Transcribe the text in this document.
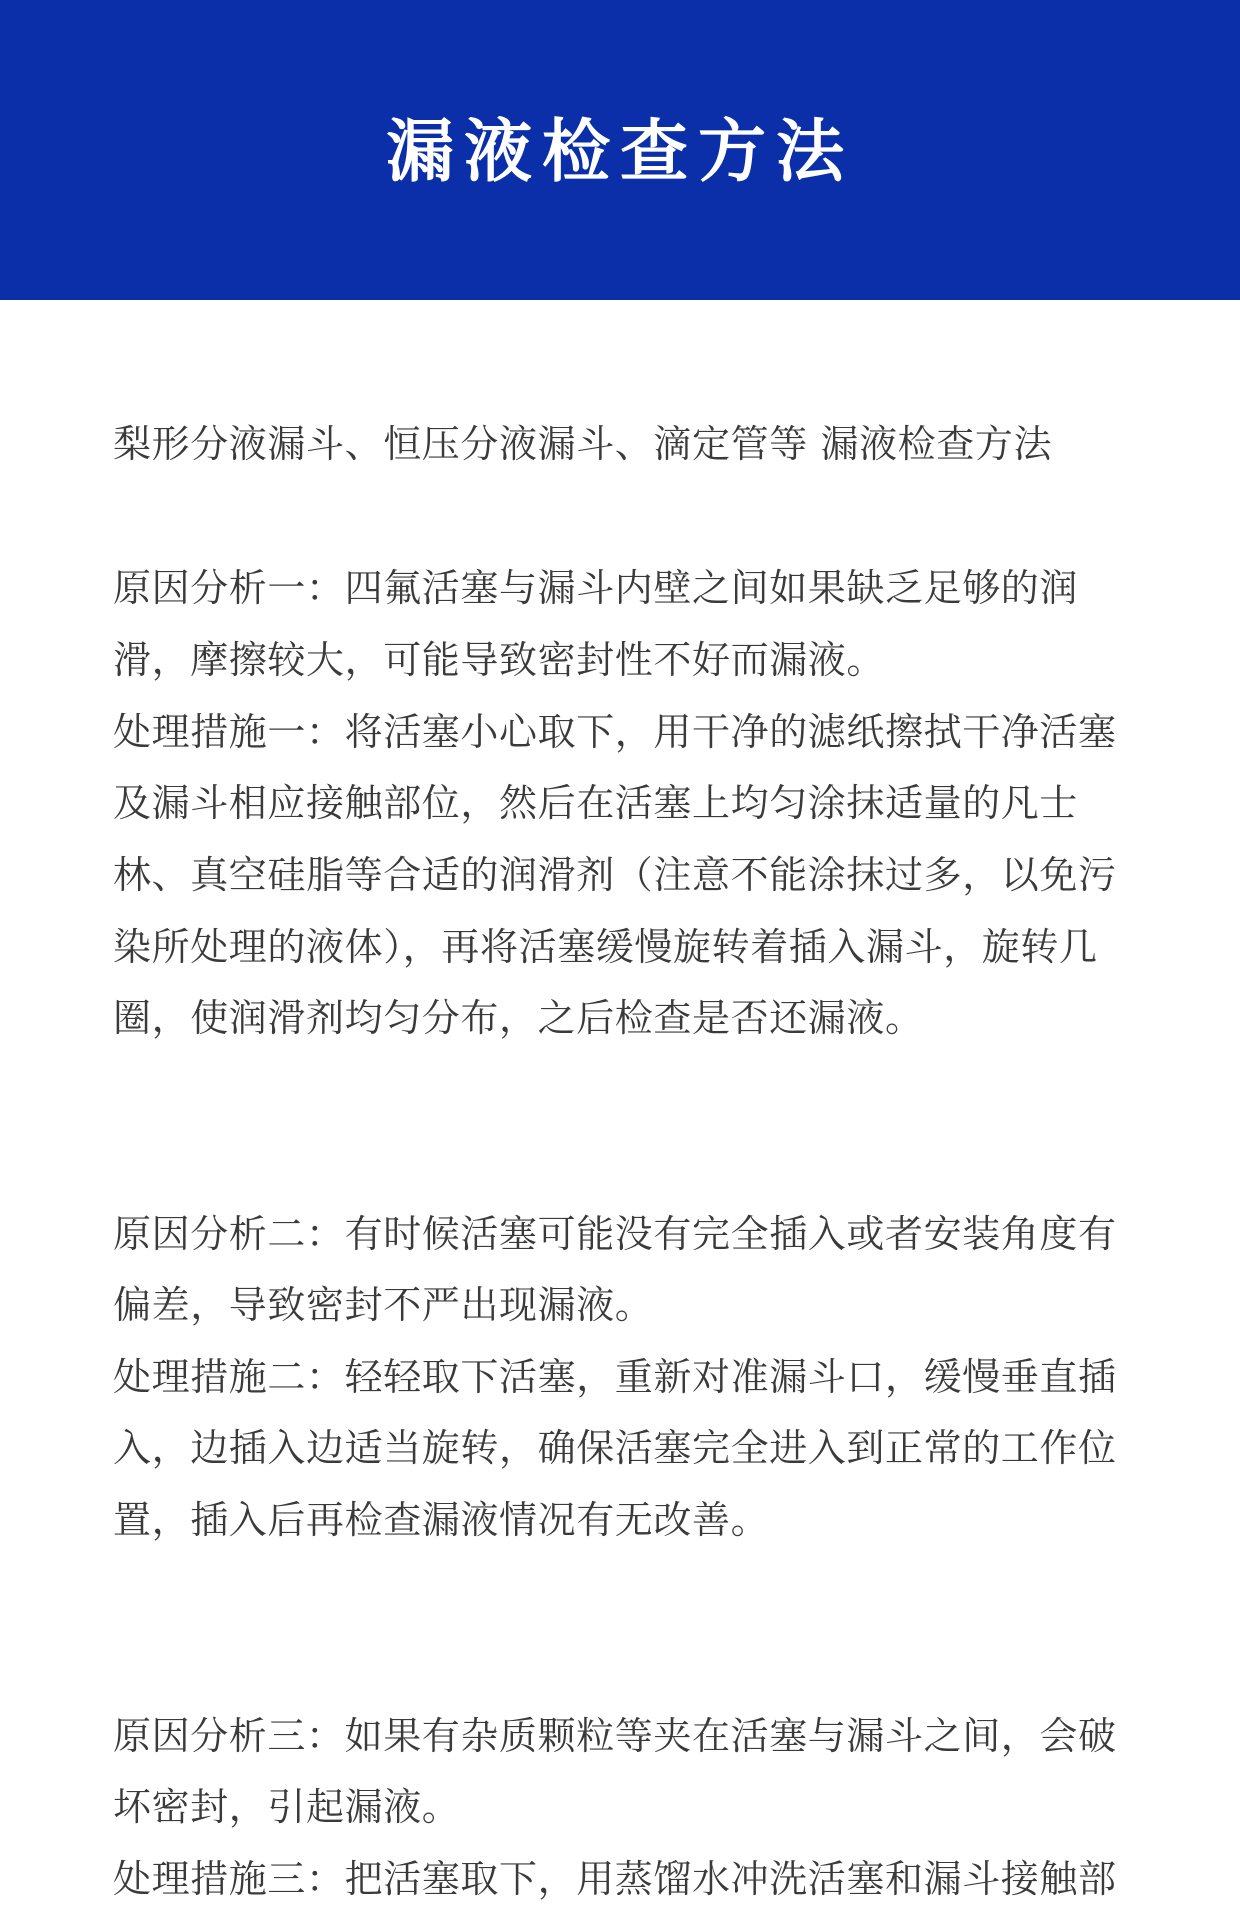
漏液检查方法
梨形分液漏斗、恒压分液漏斗、滴定管等 漏液检查方法
原因分析一：四氟活塞与漏斗内壁之间如果缺乏足够的润
滑，摩擦较大，可能导致密封性不好而漏液。
处理措施一：将活塞小心取下，用干净的滤纸擦拭干净活塞
及漏斗相应接触部位，然后在活塞上均匀涂抹适量的凡士
林、真空硅脂等合适的润滑剂（注意不能涂抹过多，以免污
染所处理的液体），再将活塞缓慢旋转着插入漏斗，旋转几
圈，使润滑剂均匀分布，之后检查是否还漏液。
原因分析二：有时候活塞可能没有完全插入或者安装角度有
偏差，导致密封不严出现漏液。
处理措施二：轻轻取下活塞，重新对准漏斗口，缓慢垂直插
入，边插入边适当旋转，确保活塞完全进入到正常的工作位
置，插入后再检查漏液情况有无改善。
原因分析三：如果有杂质颗粒等夹在活塞与漏斗之间，会破
坏密封，引起漏液。
处理措施三：把活塞取下，用蒸馏水冲洗活塞和漏斗接触部
